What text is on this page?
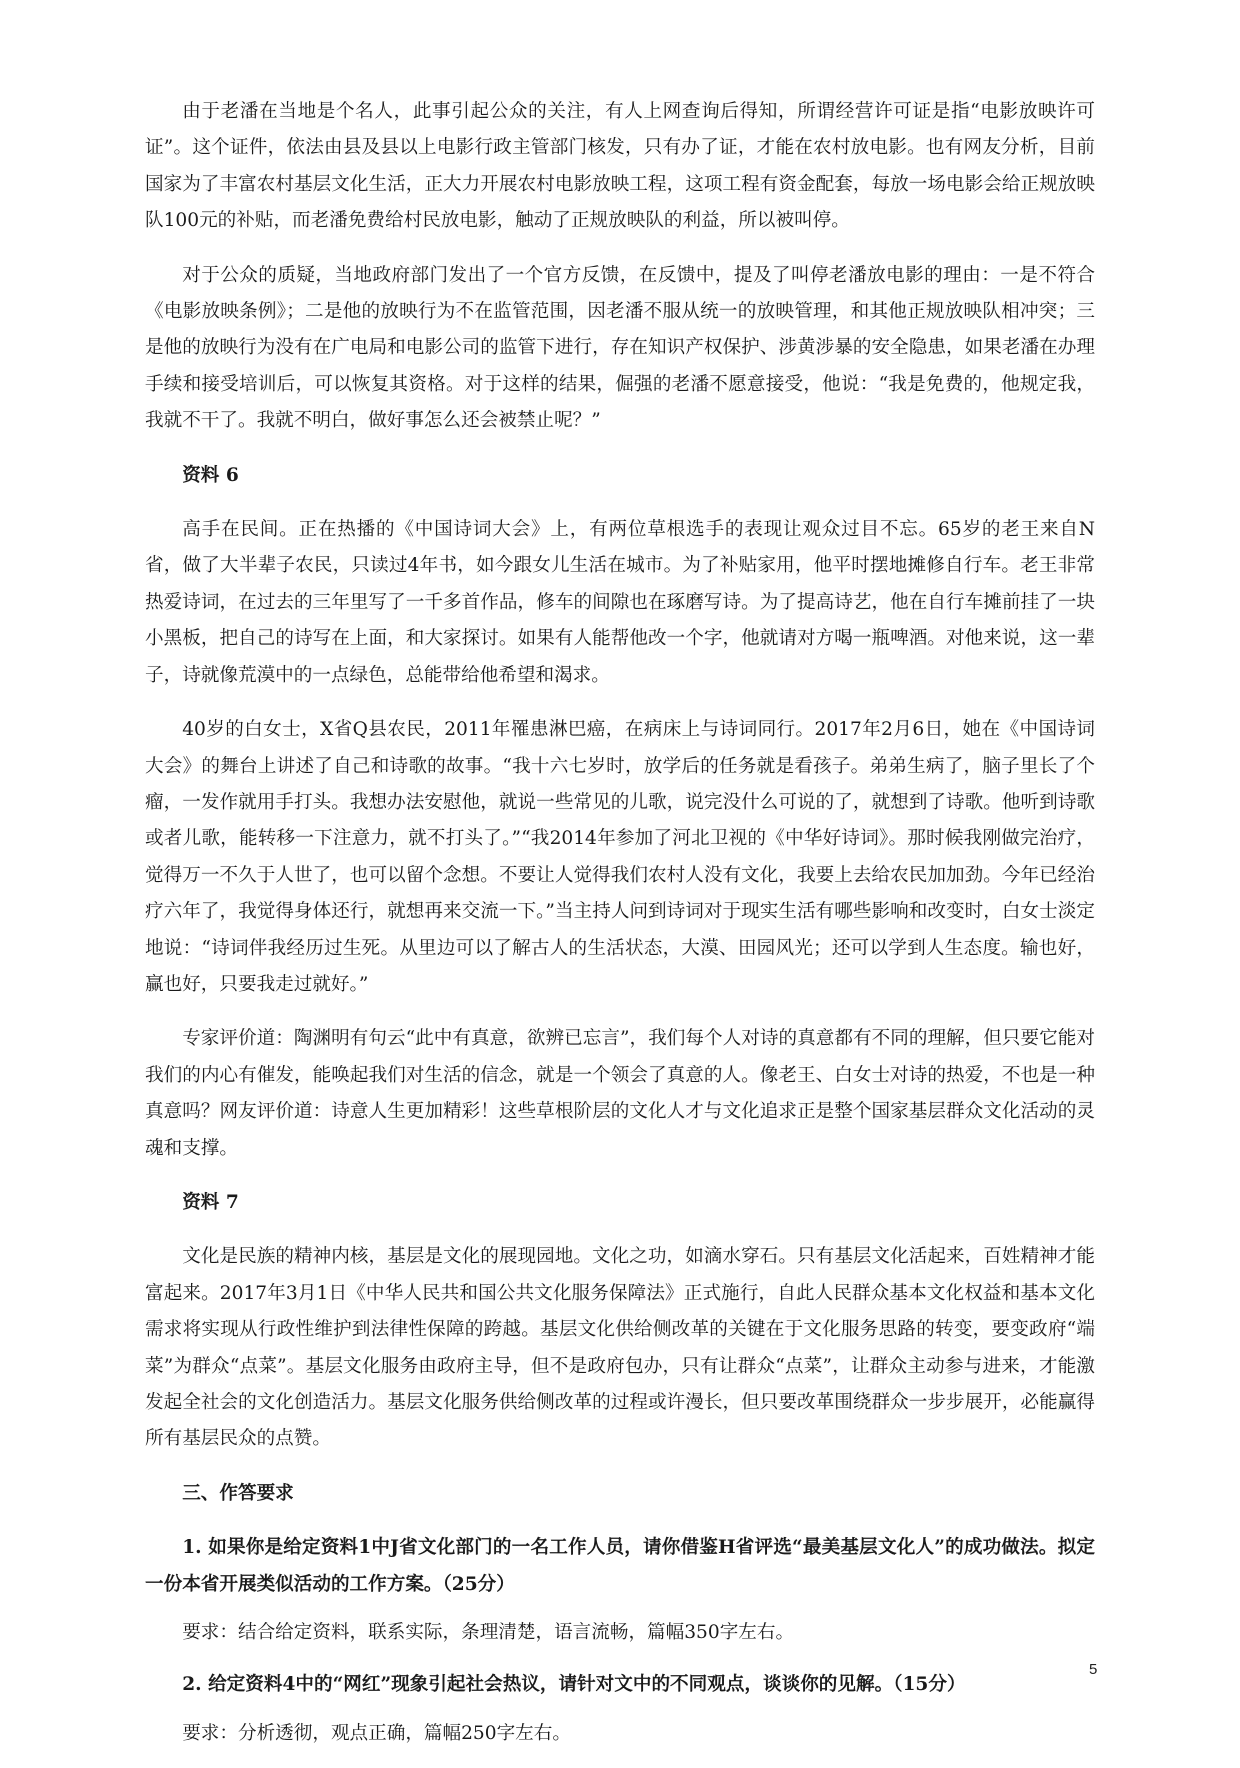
由于老潘在当地是个名人，此事引起公众的关注，有人上网查询后得知，所谓经营许可证是指“电影放映许可证”。这个证件，依法由县及县以上电影行政主管部门核发，只有办了证，才能在农村放电影。也有网友分析，目前国家为了丰富农村基层文化生活，正大力开展农村电影放映工程，这项工程有资金配套，每放一场电影会给正规放映队100元的补贴，而老潘免费给村民放电影，触动了正规放映队的利益，所以被叫停。

对于公众的质疑，当地政府部门发出了一个官方反馈，在反馈中，提及了叫停老潘放电影的理由：一是不符合《电影放映条例》；二是他的放映行为不在监管范围，因老潘不服从统一的放映管理，和其他正规放映队相冲突；三是他的放映行为没有在广电局和电影公司的监管下进行，存在知识产权保护、涉黄涉暴的安全隐患，如果老潘在办理手续和接受培训后，可以恢复其资格。对于这样的结果，倔强的老潘不愿意接受，他说：“我是免费的，他规定我，我就不干了。我就不明白，做好事怎么还会被禁止呢？”

资料 6

高手在民间。正在热播的《中国诗词大会》上，有两位草根选手的表现让观众过目不忘。65岁的老王来自N省，做了大半辈子农民，只读过4年书，如今跟女儿生活在城市。为了补贴家用，他平时摆地摊修自行车。老王非常热爱诗词，在过去的三年里写了一千多首作品，修车的间隙也在琢磨写诗。为了提高诗艺，他在自行车摊前挂了一块小黑板，把自己的诗写在上面，和大家探讨。如果有人能帮他改一个字，他就请对方喝一瓶啤酒。对他来说，这一辈子，诗就像荒漠中的一点绿色，总能带给他希望和渴求。

40岁的白女士，X省Q县农民，2011年罹患淋巴癌，在病床上与诗词同行。2017年2月6日，她在《中国诗词大会》的舞台上讲述了自己和诗歌的故事。“我十六七岁时，放学后的任务就是看孩子。弟弟生病了，脑子里长了个瘤，一发作就用手打头。我想办法安慰他，就说一些常见的儿歌，说完没什么可说的了，就想到了诗歌。他听到诗歌或者儿歌，能转移一下注意力，就不打头了。”“我2014年参加了河北卫视的《中华好诗词》。那时候我刚做完治疗，觉得万一不久于人世了，也可以留个念想。不要让人觉得我们农村人没有文化，我要上去给农民加加劲。今年已经治疗六年了，我觉得身体还行，就想再来交流一下。”当主持人问到诗词对于现实生活有哪些影响和改变时，白女士淡定地说：“诗词伴我经历过生死。从里边可以了解古人的生活状态，大漠、田园风光；还可以学到人生态度。输也好，赢也好，只要我走过就好。”

专家评价道：陶渊明有句云“此中有真意，欲辨已忘言”，我们每个人对诗的真意都有不同的理解，但只要它能对我们的内心有催发，能唤起我们对生活的信念，就是一个领会了真意的人。像老王、白女士对诗的热爱，不也是一种真意吗？网友评价道：诗意人生更加精彩！这些草根阶层的文化人才与文化追求正是整个国家基层群众文化活动的灵魂和支撑。

资料 7

文化是民族的精神内核，基层是文化的展现园地。文化之功，如滴水穿石。只有基层文化活起来，百姓精神才能富起来。2017年3月1日《中华人民共和国公共文化服务保障法》正式施行，自此人民群众基本文化权益和基本文化需求将实现从行政性维护到法律性保障的跨越。基层文化供给侧改革的关键在于文化服务思路的转变，要变政府“端菜”为群众“点菜”。基层文化服务由政府主导，但不是政府包办，只有让群众“点菜”，让群众主动参与进来，才能激发起全社会的文化创造活力。基层文化服务供给侧改革的过程或许漫长，但只要改革围绕群众一步步展开，必能赢得所有基层民众的点赞。

三、作答要求
1. 如果你是给定资料1中J省文化部门的一名工作人员，请你借鉴H省评选“最美基层文化人”的成功做法。拟定一份本省开展类似活动的工作方案。（25分）
要求：结合给定资料，联系实际，条理清楚，语言流畅，篇幅350字左右。
2. 给定资料4中的“网红”现象引起社会热议，请针对文中的不同观点，谈谈你的见解。（15分）
要求：分析透彻，观点正确，篇幅250字左右。
5
